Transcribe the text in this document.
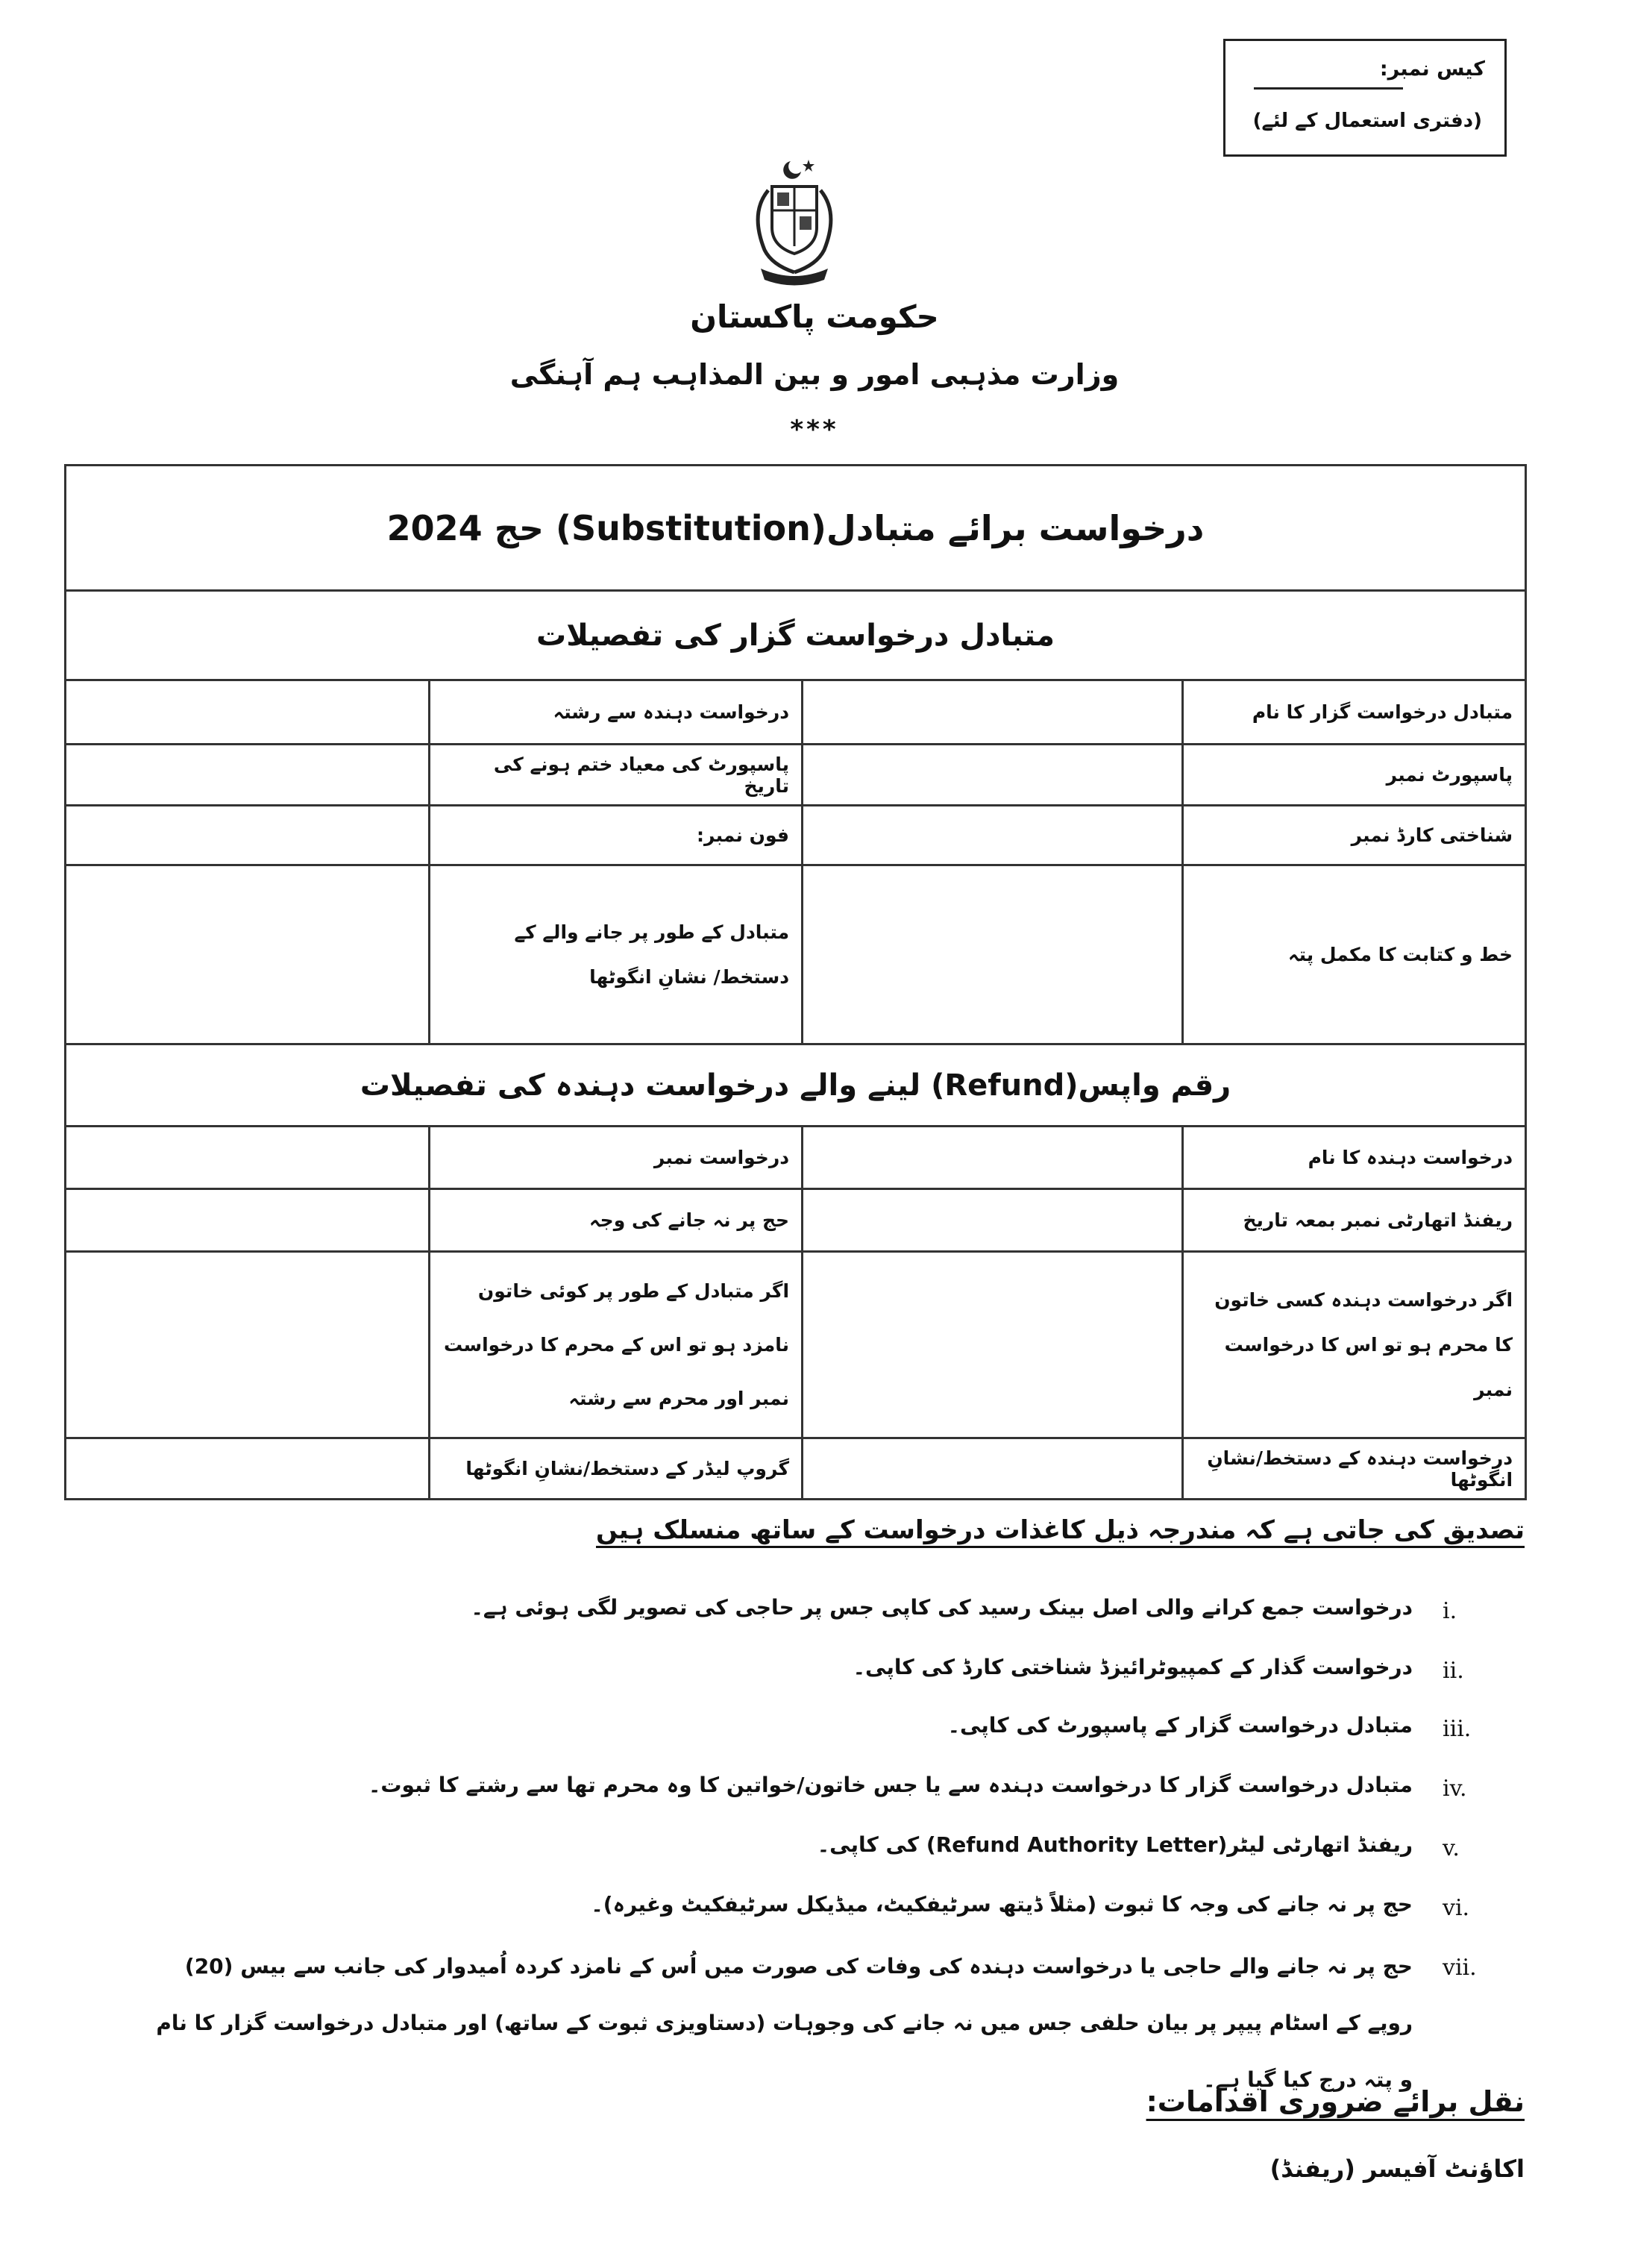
کیس نمبر:
(دفتری استعمال کے لئے)
حکومت پاکستان
وزارت مذہبی امور و بین المذاہب ہم آہنگی
***
درخواست برائے متبادل(Substitution) حج 2024			
متبادل درخواست گزار کی تفصیلات			
متبادل درخواست گزار کا نام		درخواست دہندہ سے رشتہ	
پاسپورٹ نمبر		پاسپورٹ کی معیاد ختم ہونے کی تاریخ	
شناختی کارڈ نمبر		فون نمبر:	
خط و کتابت کا مکمل پتہ		متبادل کے طور پر جانے والے کے دستخط/ نشانِ انگوٹھا	
رقم واپس(Refund) لینے والے درخواست دہندہ کی تفصیلات			
درخواست دہندہ کا نام		درخواست نمبر	
ریفنڈ اتھارٹی نمبر بمعہ تاریخ		حج پر نہ جانے کی وجہ	
اگر درخواست دہندہ کسی خاتون کا محرم ہو تو اس کا درخواست نمبر		اگر متبادل کے طور پر کوئی خاتون نامزد ہو تو اس کے محرم کا درخواست نمبر اور محرم سے رشتہ	
درخواست دہندہ کے دستخط/نشانِ انگوٹھا		گروپ لیڈر کے دستخط/نشانِ انگوٹھا	
تصدیق کی جاتی ہے کہ مندرجہ ذیل کاغذات درخواست کے ساتھ منسلک ہیں
i.
درخواست جمع کرانے والی اصل بینک رسید کی کاپی جس پر حاجی کی تصویر لگی ہوئی ہے۔
ii.
درخواست گذار کے کمپیوٹرائیزڈ شناختی کارڈ کی کاپی۔
iii.
متبادل درخواست گزار کے پاسپورٹ کی کاپی۔
iv.
متبادل درخواست گزار کا درخواست دہندہ سے یا جس خاتون/خواتین کا وہ محرم تھا سے رشتے کا ثبوت۔
v.
ریفنڈ اتھارٹی لیٹر(Refund Authority Letter) کی کاپی۔
vi.
حج پر نہ جانے کی وجہ کا ثبوت (مثلاً ڈیتھ سرٹیفکیٹ، میڈیکل سرٹیفکیٹ وغیرہ)۔
vii.
حج پر نہ جانے والے حاجی یا درخواست دہندہ کی وفات کی صورت میں اُس کے نامزد کردہ اُمیدوار کی جانب سے بیس (20) روپے کے اسٹام پیپر پر بیان حلفی جس میں نہ جانے کی وجوہات (دستاویزی ثبوت کے ساتھ) اور متبادل درخواست گزار کا نام و پتہ درج کیا گیا ہے۔
نقل برائے ضروری اقدامات:
اکاؤنٹ آفیسر (ریفنڈ)
